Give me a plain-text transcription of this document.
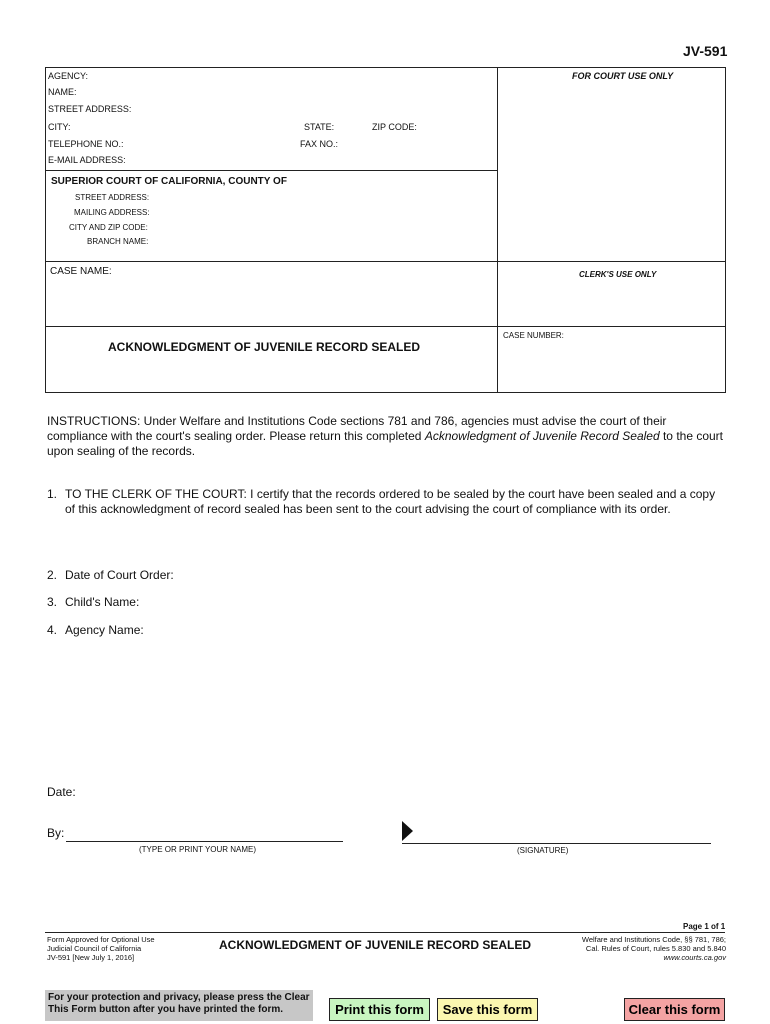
JV-591
AGENCY:	FOR COURT USE ONLY
NAME:
STREET ADDRESS:
CITY:	STATE:	ZIP CODE:
TELEPHONE NO.:	FAX NO.:
E-MAIL ADDRESS:
SUPERIOR COURT OF CALIFORNIA, COUNTY OF
STREET ADDRESS:
MAILING ADDRESS:
CITY AND ZIP CODE:
BRANCH NAME:
CASE NAME:	CLERK'S USE ONLY
ACKNOWLEDGMENT OF JUVENILE RECORD SEALED
CASE NUMBER:
INSTRUCTIONS: Under Welfare and Institutions Code sections 781 and 786, agencies must advise the court of their compliance with the court's sealing order. Please return this completed Acknowledgment of Juvenile Record Sealed to the court upon sealing of the records.
1. TO THE CLERK OF THE COURT: I certify that the records ordered to be sealed by the court have been sealed and a copy of this acknowledgment of record sealed has been sent to the court advising the court of compliance with its order.
2. Date of Court Order:
3. Child's Name:
4. Agency Name:
Date:
By:
(TYPE OR PRINT YOUR NAME)	(SIGNATURE)
Page 1 of 1
Form Approved for Optional Use
Judicial Council of California
JV-591 [New July 1, 2016]
ACKNOWLEDGMENT OF JUVENILE RECORD SEALED	Welfare and Institutions Code, §§ 781, 786;
Cal. Rules of Court, rules 5.830 and 5.840
www.courts.ca.gov
For your protection and privacy, please press the Clear This Form button after you have printed the form.	Print this form	Save this form	Clear this form
